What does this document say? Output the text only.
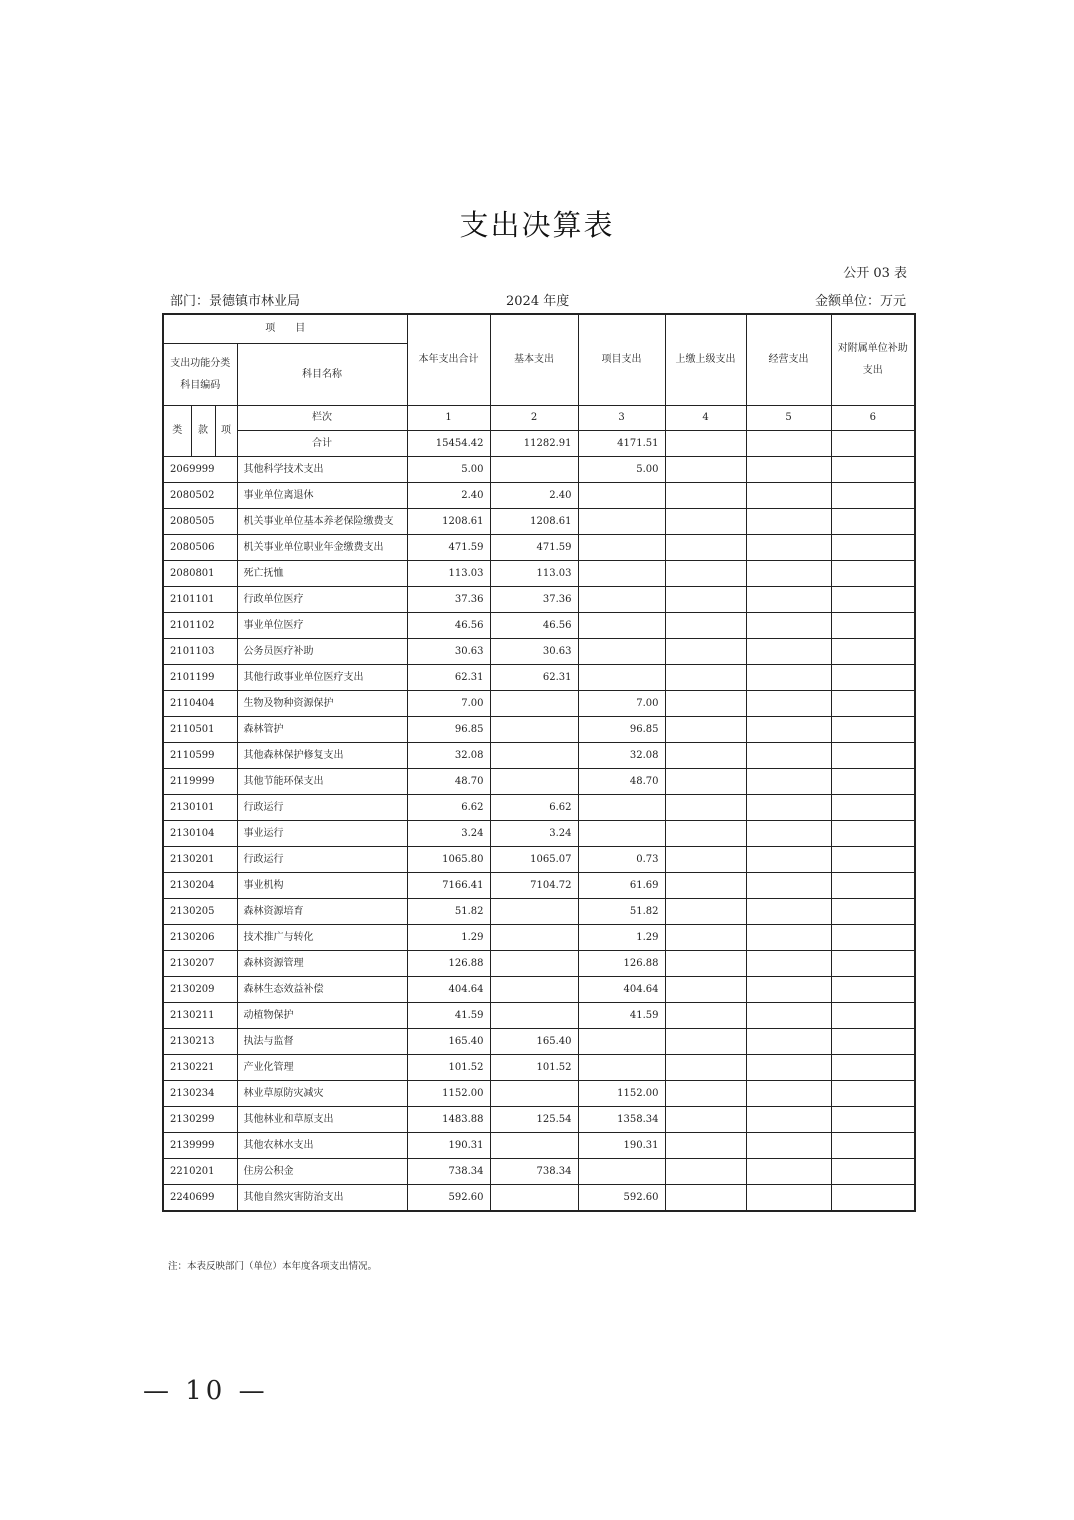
支出决算表
公开 03 表
部门：景德镇市林业局	2024 年度	金额单位：万元
项　　目				本年支出合计	基本支出	项目支出	上缴上级支出	经营支出	对附属单位补助支出
支出功能分类科目编码			科目名称						
类	款	项	栏次	1	2	3	4	5	6
			合计	15454.42	11282.91	4171.51			
2069999			其他科学技术支出	5.00		5.00			
2080502			事业单位离退休	2.40	2.40				
2080505			机关事业单位基本养老保险缴费支	1208.61	1208.61				
2080506			机关事业单位职业年金缴费支出	471.59	471.59				
2080801			死亡抚恤	113.03	113.03				
2101101			行政单位医疗	37.36	37.36				
2101102			事业单位医疗	46.56	46.56				
2101103			公务员医疗补助	30.63	30.63				
2101199			其他行政事业单位医疗支出	62.31	62.31				
2110404			生物及物种资源保护	7.00		7.00			
2110501			森林管护	96.85		96.85			
2110599			其他森林保护修复支出	32.08		32.08			
2119999			其他节能环保支出	48.70		48.70			
2130101			行政运行	6.62	6.62				
2130104			事业运行	3.24	3.24				
2130201			行政运行	1065.80	1065.07	0.73			
2130204			事业机构	7166.41	7104.72	61.69			
2130205			森林资源培育	51.82		51.82			
2130206			技术推广与转化	1.29		1.29			
2130207			森林资源管理	126.88		126.88			
2130209			森林生态效益补偿	404.64		404.64			
2130211			动植物保护	41.59		41.59			
2130213			执法与监督	165.40	165.40				
2130221			产业化管理	101.52	101.52				
2130234			林业草原防灾减灾	1152.00		1152.00			
2130299			其他林业和草原支出	1483.88	125.54	1358.34			
2139999			其他农林水支出	190.31		190.31			
2210201			住房公积金	738.34	738.34				
2240699			其他自然灾害防治支出	592.60		592.60			
注：本表反映部门（单位）本年度各项支出情况。
— 10 —
